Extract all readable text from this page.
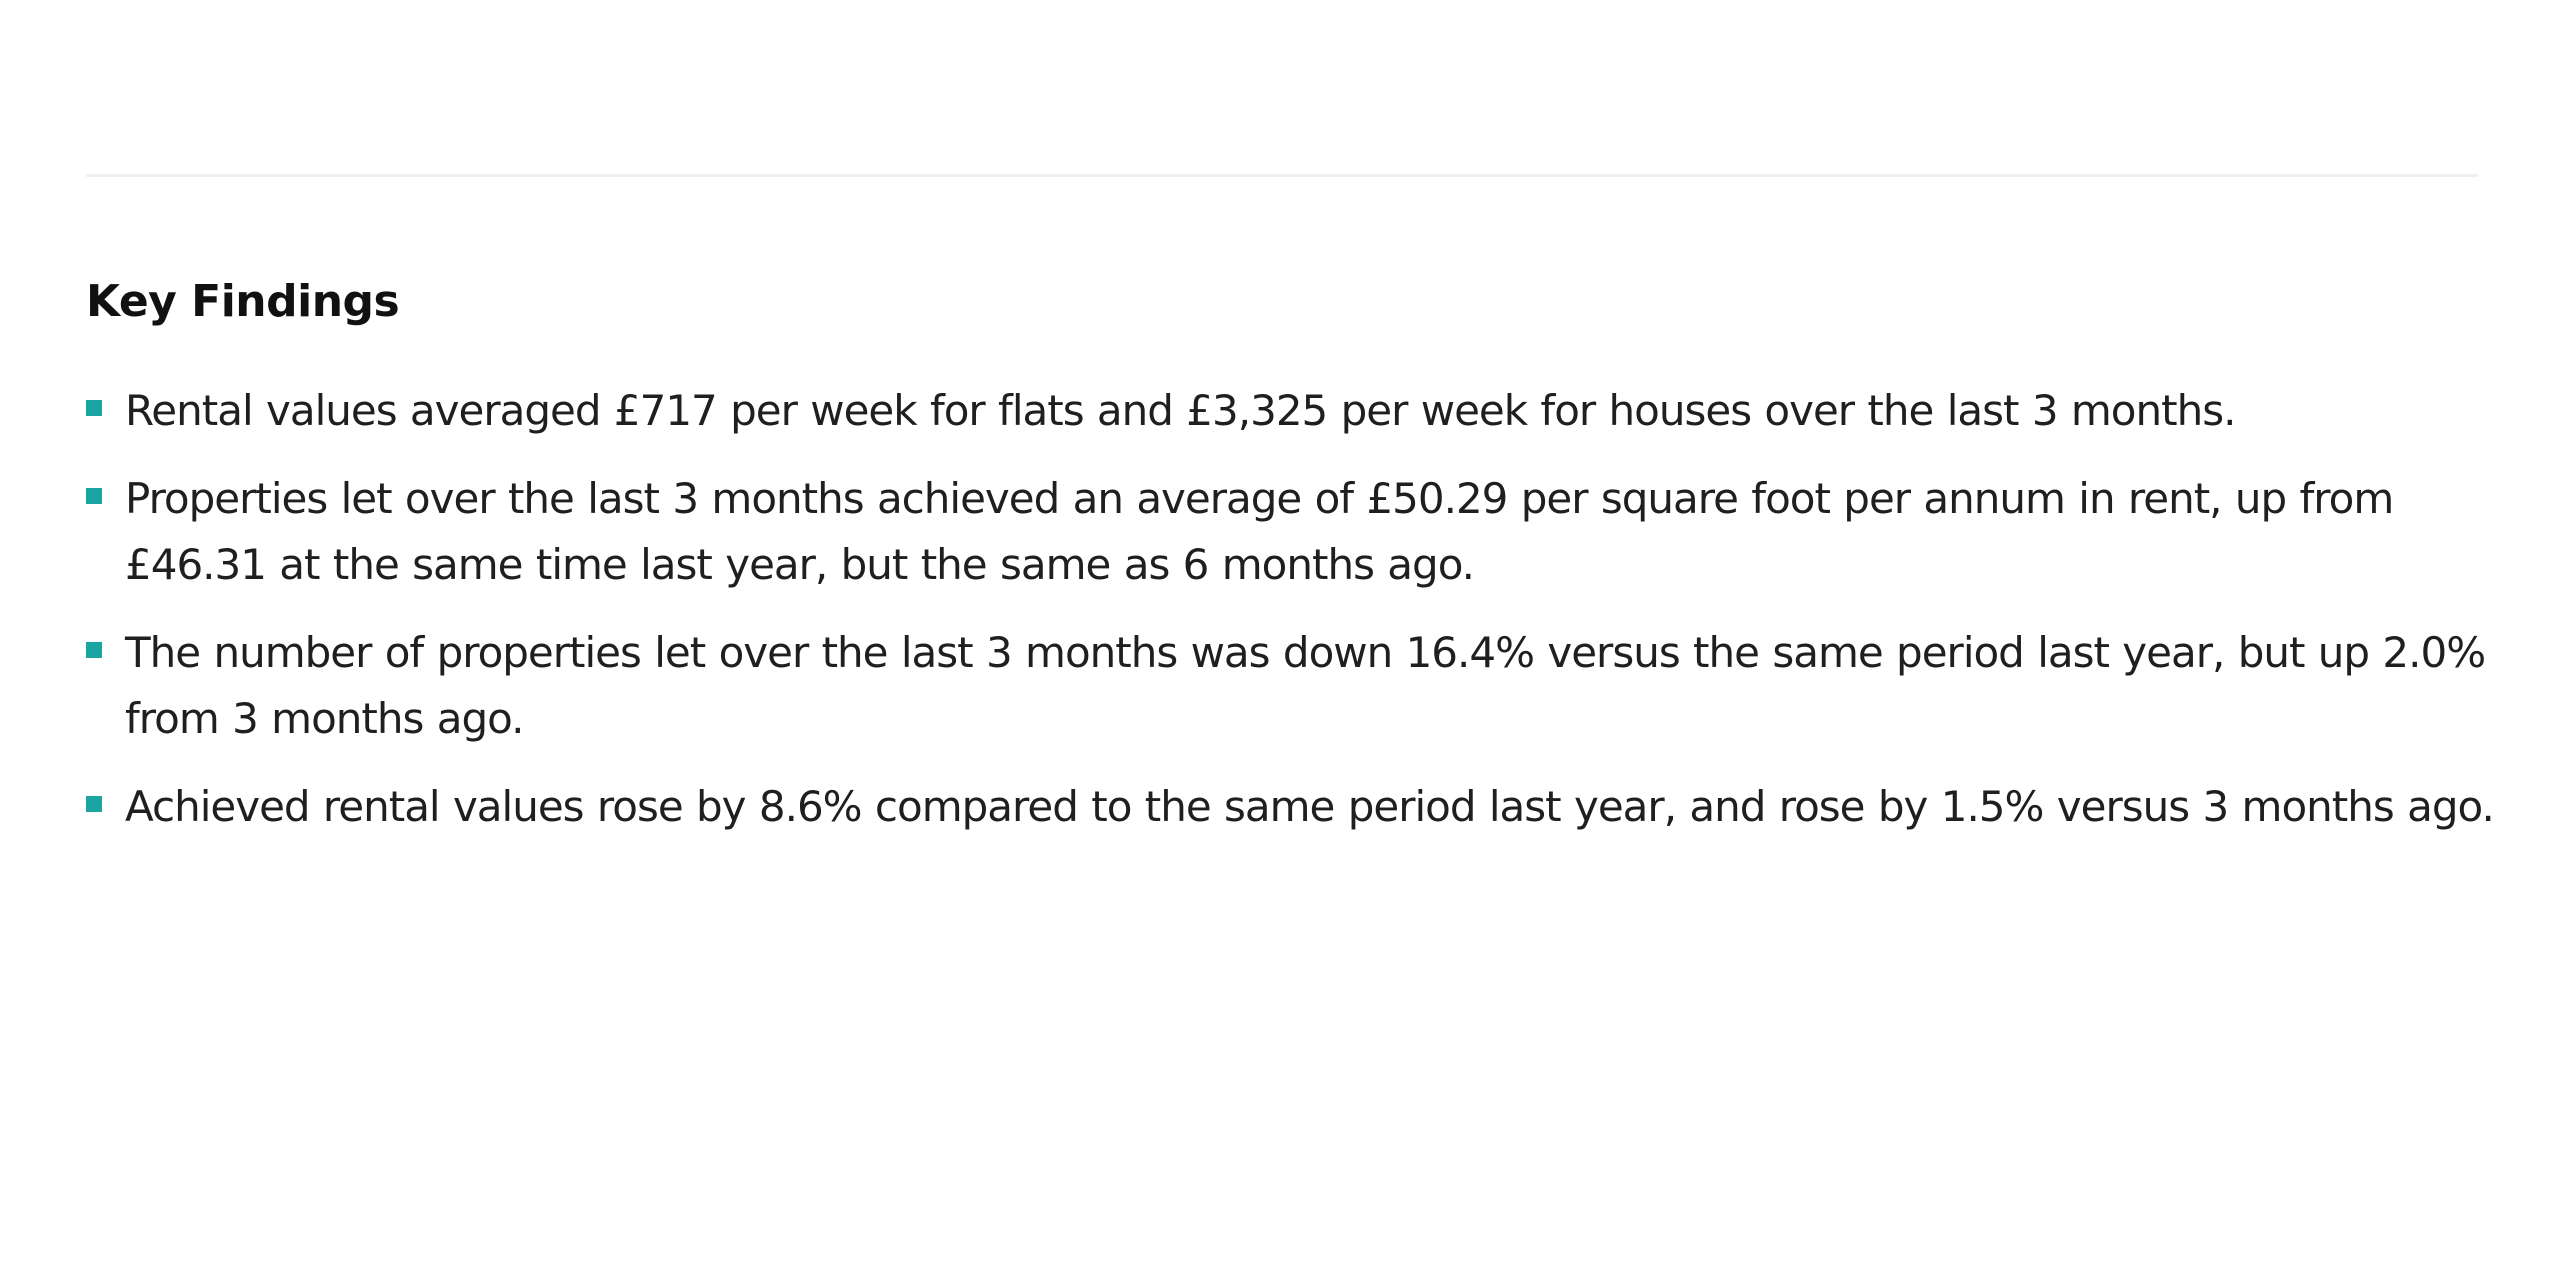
Key Findings
Rental values averaged £717 per week for flats and £3,325 per week for houses over the last 3 months.
Properties let over the last 3 months achieved an average of £50.29 per square foot per annum in rent, up from £46.31 at the same time last year, but the same as 6 months ago.
The number of properties let over the last 3 months was down 16.4% versus the same period last year, but up 2.0% from 3 months ago.
Achieved rental values rose by 8.6% compared to the same period last year, and rose by 1.5% versus 3 months ago.
